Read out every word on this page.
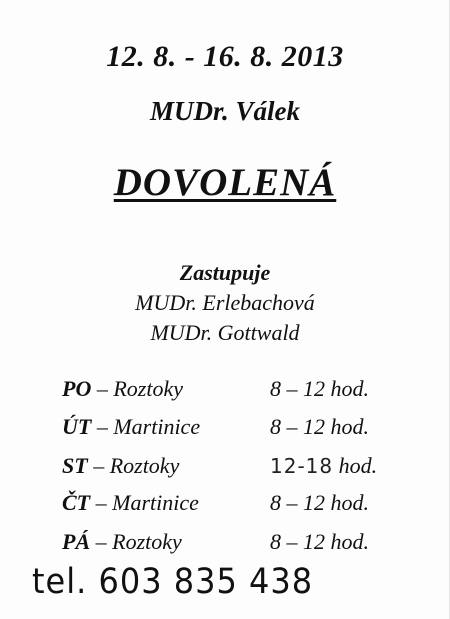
12. 8. - 16. 8. 2013
MUDr. Válek
DOVOLENÁ
Zastupuje
MUDr. Erlebachová
MUDr. Gottwald
PO – Roztoky	8 – 12 hod.
ÚT – Martinice	8 – 12 hod.
ST – Roztoky	12-18 hod.
ČT – Martinice	8 – 12 hod.
PÁ – Roztoky	8 – 12 hod.
tel. 603 835 438
